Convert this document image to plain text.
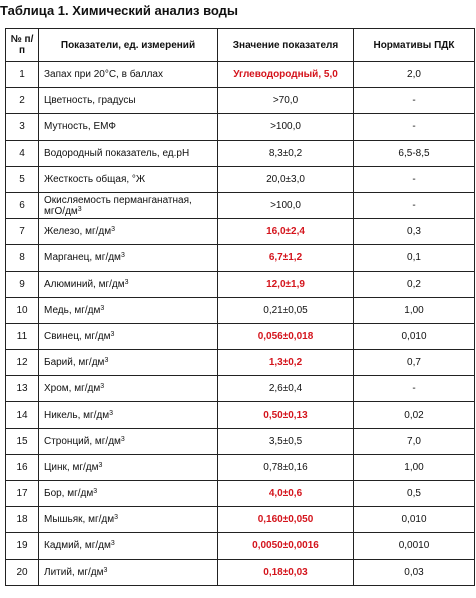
Таблица 1. Химический анализ воды
№ п/п	Показатели, ед. измерений	Значение показателя	Нормативы ПДК
1	Запах при 20°С, в баллах	Углеводородный, 5,0	2,0
2	Цветность, градусы	>70,0	-
3	Мутность, ЕМФ	>100,0	-
4	Водородный показатель, ед.pH	8,3±0,2	6,5-8,5
5	Жесткость общая, °Ж	20,0±3,0	-
6	Окисляемость перманганатная, мгО/$дм^3$	>100,0	-
7	Железо, $мг/дм^3$	16,0±2,4	0,3
8	Марганец, $мг/дм^3$	6,7±1,2	0,1
9	Алюминий, $мг/дм^3$	12,0±1,9	0,2
10	Медь, $мг/дм^3$	0,21±0,05	1,00
11	Свинец, $мг/дм^3$	0,056±0,018	0,010
12	Барий, $мг/дм^3$	1,3±0,2	0,7
13	Хром, $мг/дм^3$	2,6±0,4	-
14	Никель, $мг/дм^3$	0,50±0,13	0,02
15	Стронций, $мг/дм^3$	3,5±0,5	7,0
16	Цинк, $мг/дм^3$	0,78±0,16	1,00
17	Бор, $мг/дм^3$	4,0±0,6	0,5
18	Мышьяк, $мг/дм^3$	0,160±0,050	0,010
19	Кадмий, $мг/дм^3$	0,0050±0,0016	0,0010
20	Литий, $мг/дм^3$	0,18±0,03	0,03
